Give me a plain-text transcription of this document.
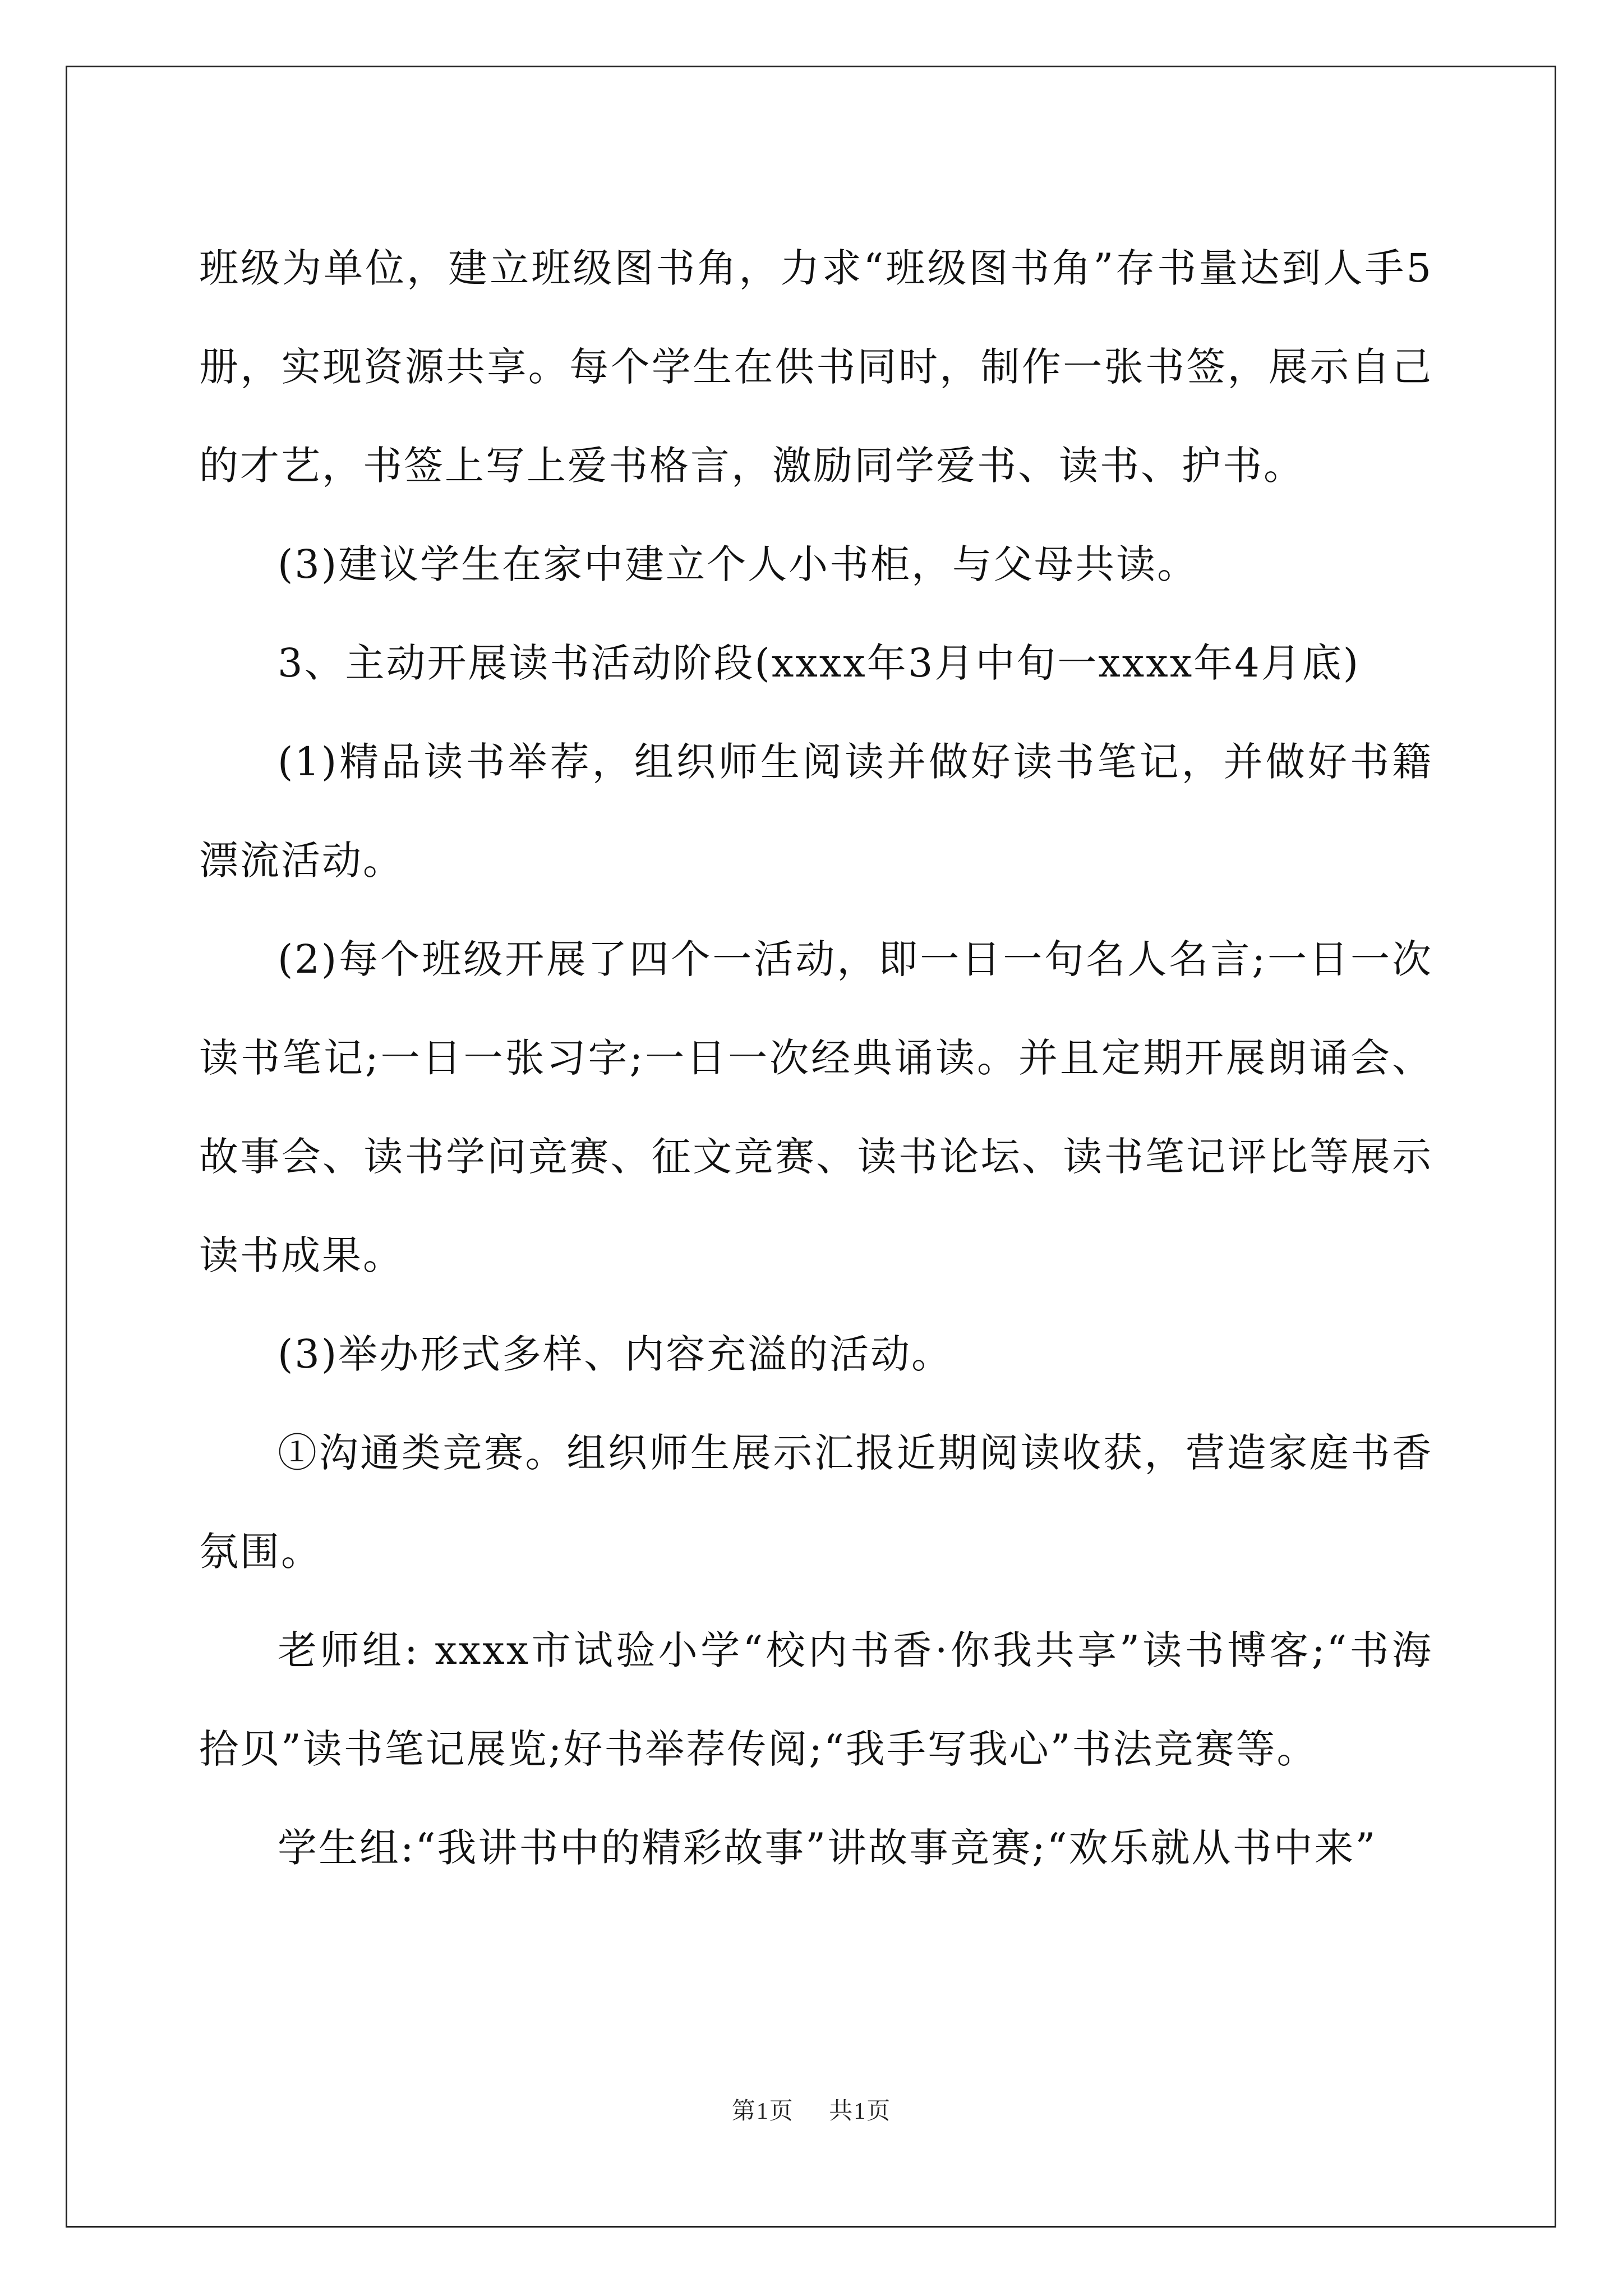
班级为单位，建立班级图书角，力求“班级图书角”存书量达到人手5册，实现资源共享。每个学生在供书同时，制作一张书签，展示自己的才艺，书签上写上爱书格言，激励同学爱书、读书、护书。

(3)建议学生在家中建立个人小书柜，与父母共读。

3、主动开展读书活动阶段(xxxx年3月中旬一xxxx年4月底)

(1)精品读书举荐，组织师生阅读并做好读书笔记，并做好书籍漂流活动。

(2)每个班级开展了四个一活动，即一日一句名人名言;一日一次读书笔记;一日一张习字;一日一次经典诵读。并且定期开展朗诵会、故事会、读书学问竞赛、征文竞赛、读书论坛、读书笔记评比等展示读书成果。

(3)举办形式多样、内容充溢的活动。

①沟通类竞赛。组织师生展示汇报近期阅读收获，营造家庭书香氛围。

老师组: xxxx市试验小学“校内书香·你我共享”读书博客;“书海拾贝”读书笔记展览;好书举荐传阅;“我手写我心”书法竞赛等。

学生组:“我讲书中的精彩故事”讲故事竞赛;“欢乐就从书中来”

第1页 共1页
